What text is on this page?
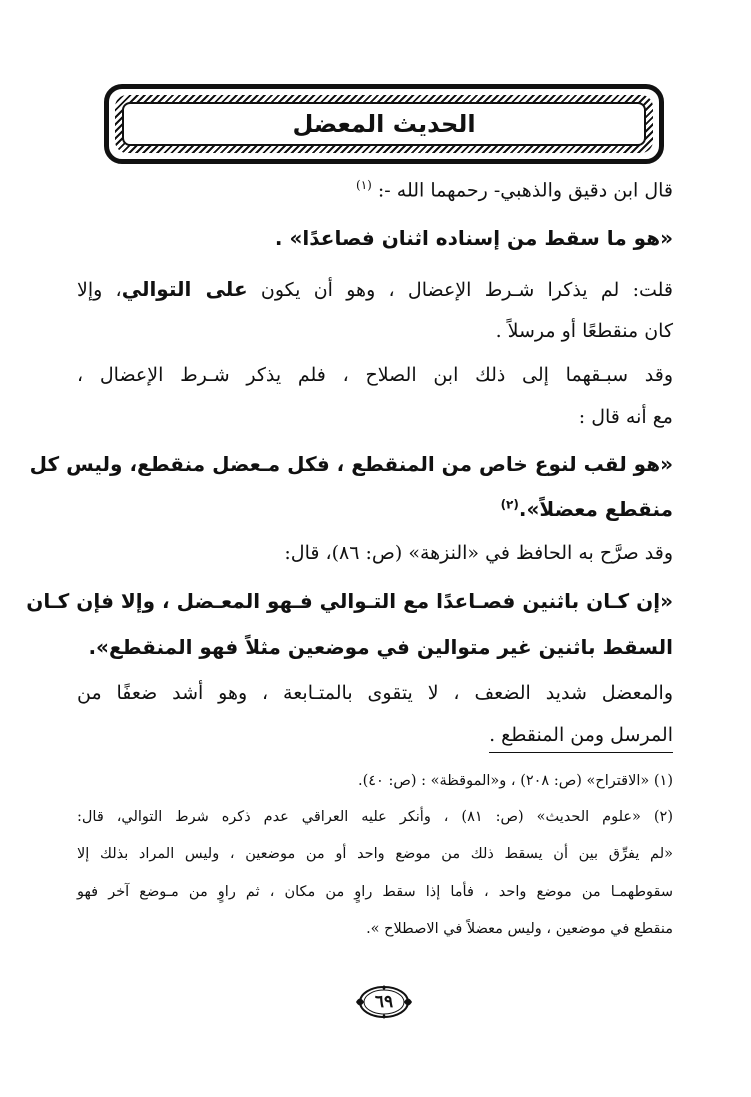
الحديث المعضل
قال ابن دقيق والذهبي- رحمهما الله -: $^{(١)}$
«هو ما سقط من إسناده اثنان فصاعدًا» .
قلت: لم يذكرا شـرط الإعضال ، وهو أن يكون على التوالي، وإلا
كان منقطعًا أو مرسلاً .
وقد سبـقهما إلى ذلك ابن الصلاح ، فلم يذكر شـرط الإعضال ،
مع أنه قال :
«هو لقب لنوع خاص من المنقطع ، فكل مـعضل منقطع، وليس كل
منقطع معضلاً».$^{(٢)}$
وقد صرَّح به الحافظ في «النزهة» (ص: ٨٦)، قال:
«إن كـان باثنين فصـاعدًا مع التـوالي فـهو المعـضل ، وإلا فإن كـان
السقط باثنين غير متوالين في موضعين مثلاً فهو المنقطع».
والمعضل شديد الضعف ، لا يتقوى بالمتـابعة ، وهو أشد ضعفًا من
المرسل ومن المنقطع .
(١) «الاقتراح» (ص: ٢٠٨) ، و«الموقظة» : (ص: ٤٠).
(٢) «علوم الحديث» (ص: ٨١) ، وأنكر عليه العراقي عدم ذكره شرط التوالي، قال:
«لم يفرِّق بين أن يسقط ذلك من موضع واحد أو من موضعين ، وليس المراد بذلك إلا
سقوطهمـا من موضع واحد ، فأما إذا سقط راوٍ من مكان ، ثم راوٍ من مـوضع آخر فهو
منقطع في موضعين ، وليس معضلاً في الاصطلاح ».
٦٩
